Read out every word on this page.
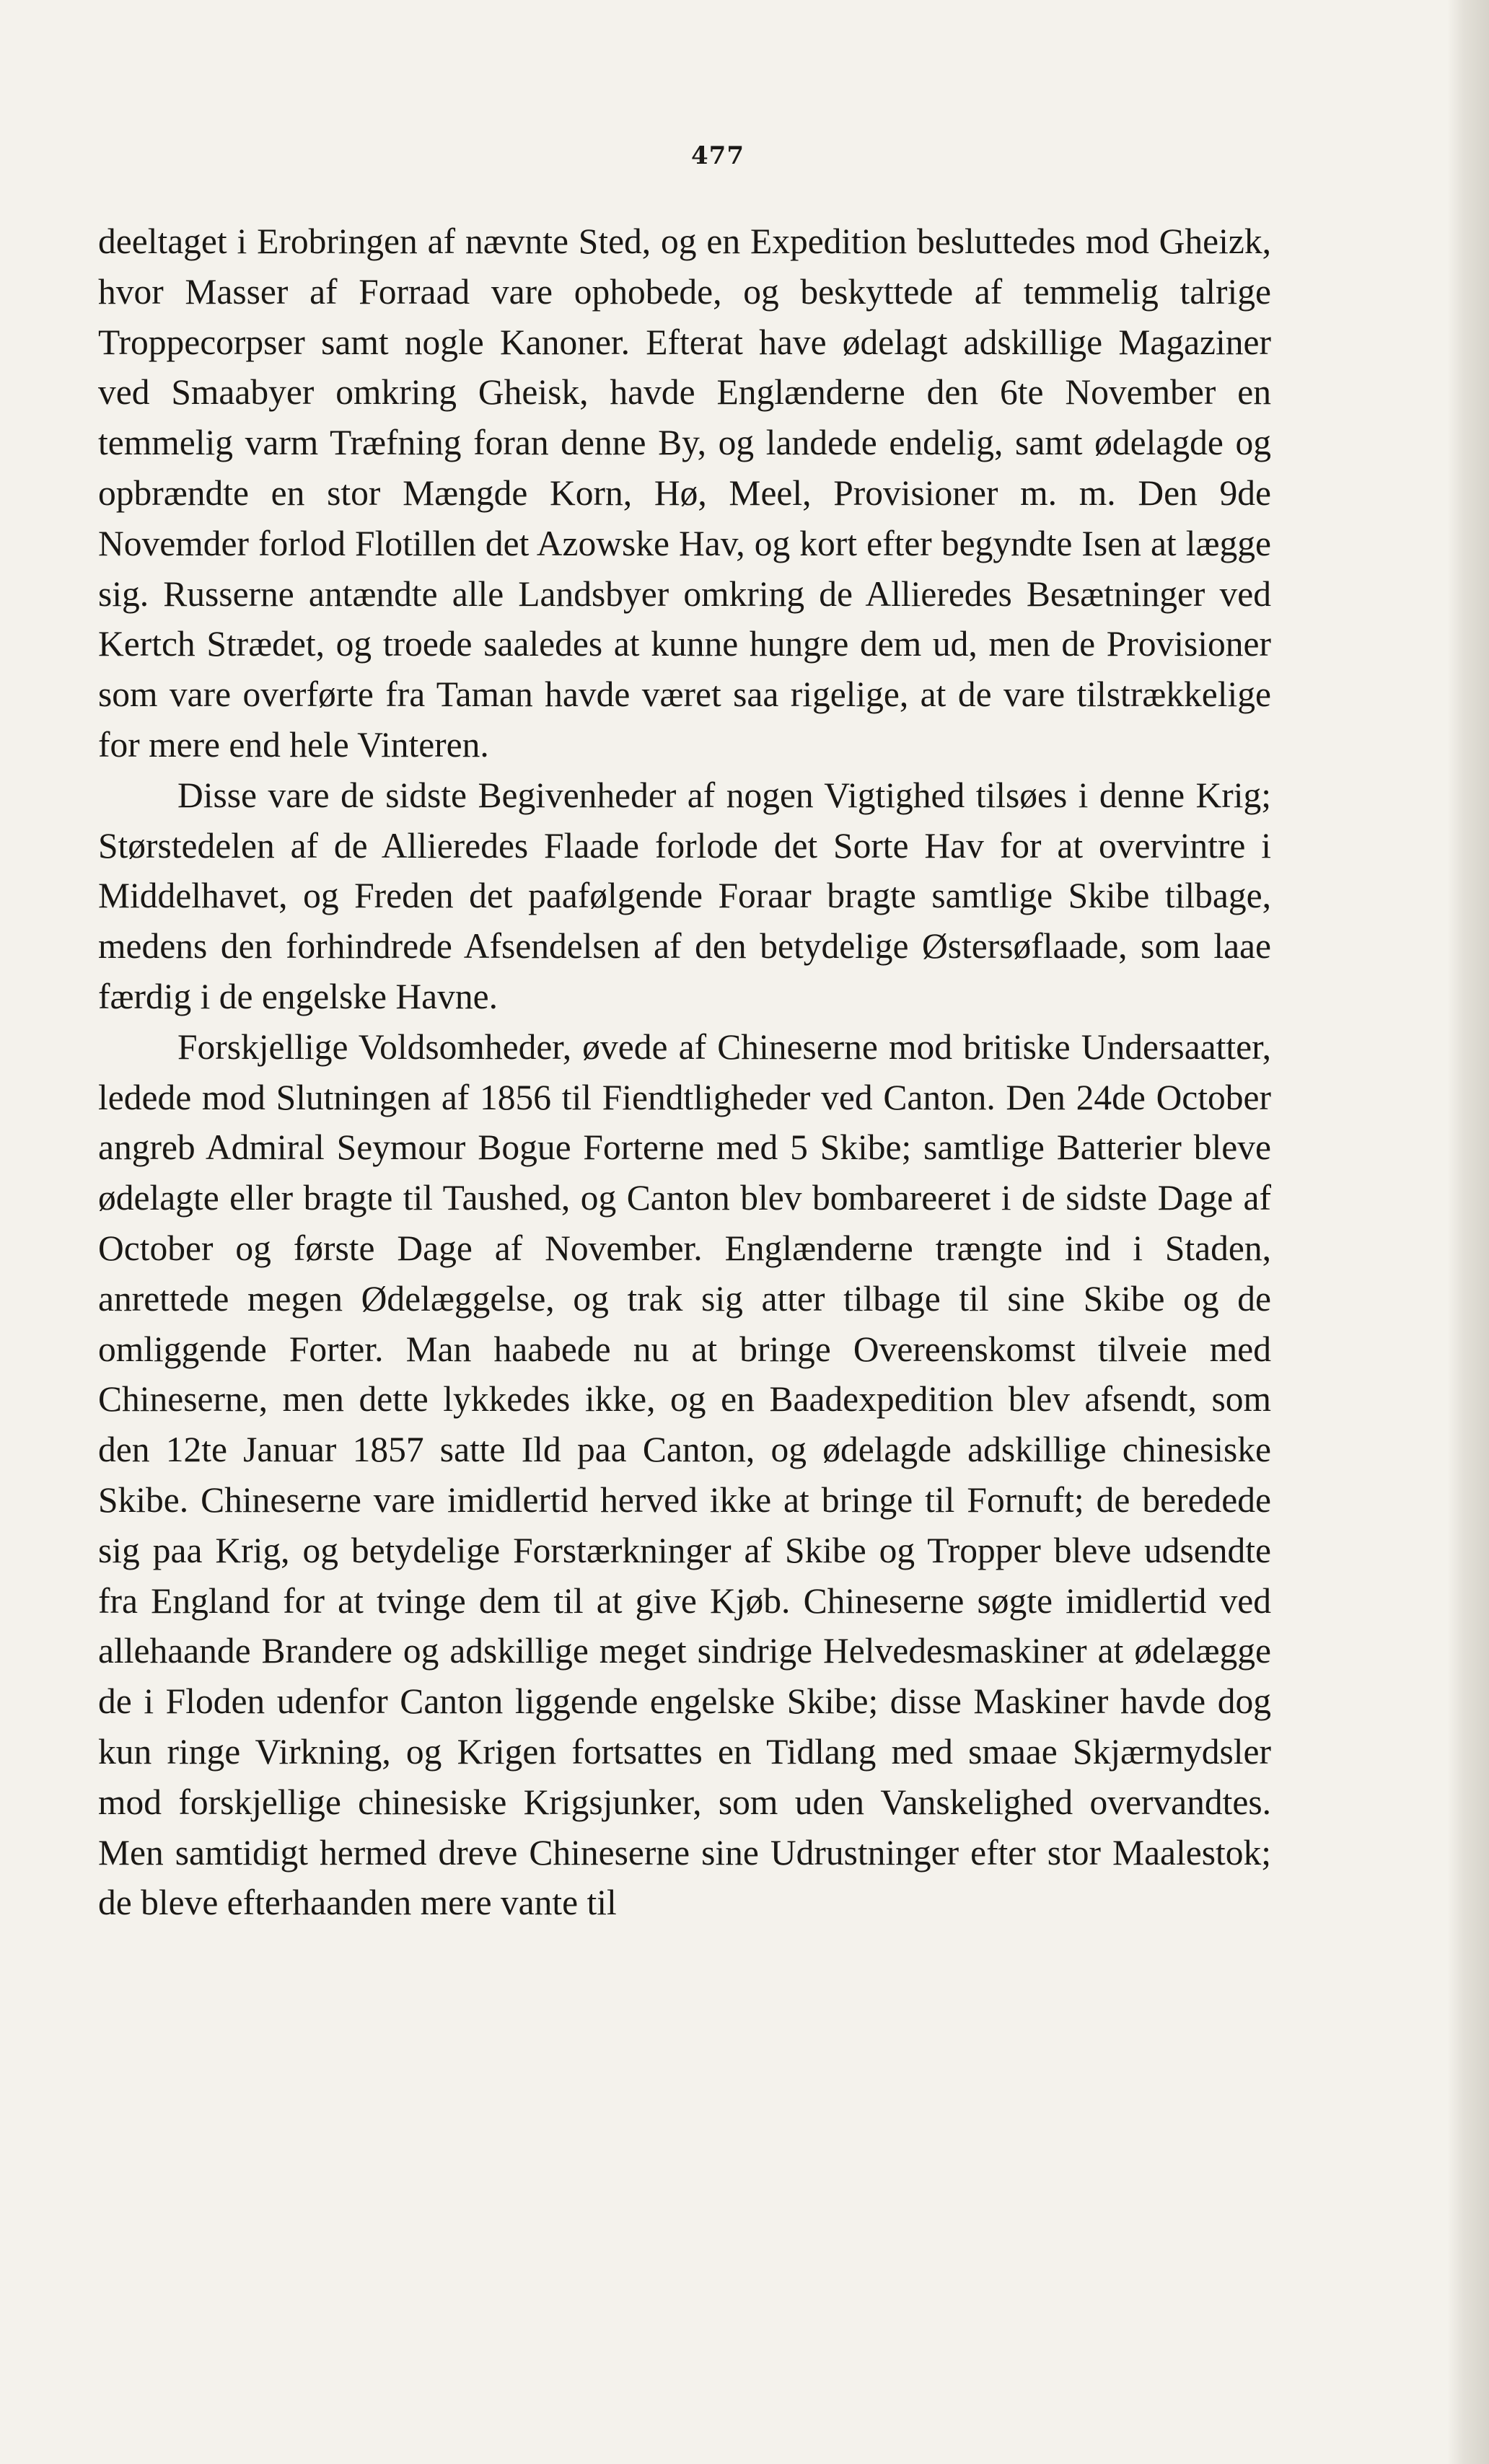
477

deeltaget i Erobringen af nævnte Sted, og en Expedition besluttedes mod Gheizk, hvor Masser af Forraad vare ophobede, og beskyttede af temmelig talrige Troppecorpser samt nogle Kanoner. Efterat have ødelagt adskillige Magaziner ved Smaabyer omkring Gheisk, havde Englænderne den 6te November en temmelig varm Træfning foran denne By, og landede endelig, samt ødelagde og opbrændte en stor Mængde Korn, Hø, Meel, Provisioner m. m. Den 9de Novemder forlod Flotillen det Azowske Hav, og kort efter begyndte Isen at lægge sig. Russerne antændte alle Landsbyer omkring de Allieredes Besætninger ved Kertch Strædet, og troede saaledes at kunne hungre dem ud, men de Provisioner som vare overførte fra Taman havde været saa rigelige, at de vare tilstrækkelige for mere end hele Vinteren.

Disse vare de sidste Begivenheder af nogen Vigtighed tilsøes i denne Krig; Størstedelen af de Allieredes Flaade forlode det Sorte Hav for at overvintre i Middelhavet, og Freden det paafølgende Foraar bragte samtlige Skibe tilbage, medens den forhindrede Afsendelsen af den betydelige Østersøflaade, som laae færdig i de engelske Havne.

Forskjellige Voldsomheder, øvede af Chineserne mod britiske Undersaatter, ledede mod Slutningen af 1856 til Fiendtligheder ved Canton. Den 24de October angreb Admiral Seymour Bogue Forterne med 5 Skibe; samtlige Batterier bleve ødelagte eller bragte til Taushed, og Canton blev bombareeret i de sidste Dage af October og første Dage af November. Englænderne trængte ind i Staden, anrettede megen Ødelæggelse, og trak sig atter tilbage til sine Skibe og de omliggende Forter. Man haabede nu at bringe Overeenskomst tilveie med Chineserne, men dette lykkedes ikke, og en Baadexpedition blev afsendt, som den 12te Januar 1857 satte Ild paa Canton, og ødelagde adskillige chinesiske Skibe. Chineserne vare imidlertid herved ikke at bringe til Fornuft; de beredede sig paa Krig, og betydelige Forstærkninger af Skibe og Tropper bleve udsendte fra England for at tvinge dem til at give Kjøb. Chineserne søgte imidlertid ved allehaande Brandere og adskillige meget sindrige Helvedesmaskiner at ødelægge de i Floden udenfor Canton liggende engelske Skibe; disse Maskiner havde dog kun ringe Virkning, og Krigen fortsattes en Tidlang med smaae Skjærmydsler mod forskjellige chinesiske Krigsjunker, som uden Vanskelighed overvandtes. Men samtidigt hermed dreve Chineserne sine Udrustninger efter stor Maalestok; de bleve efterhaanden mere vante til
